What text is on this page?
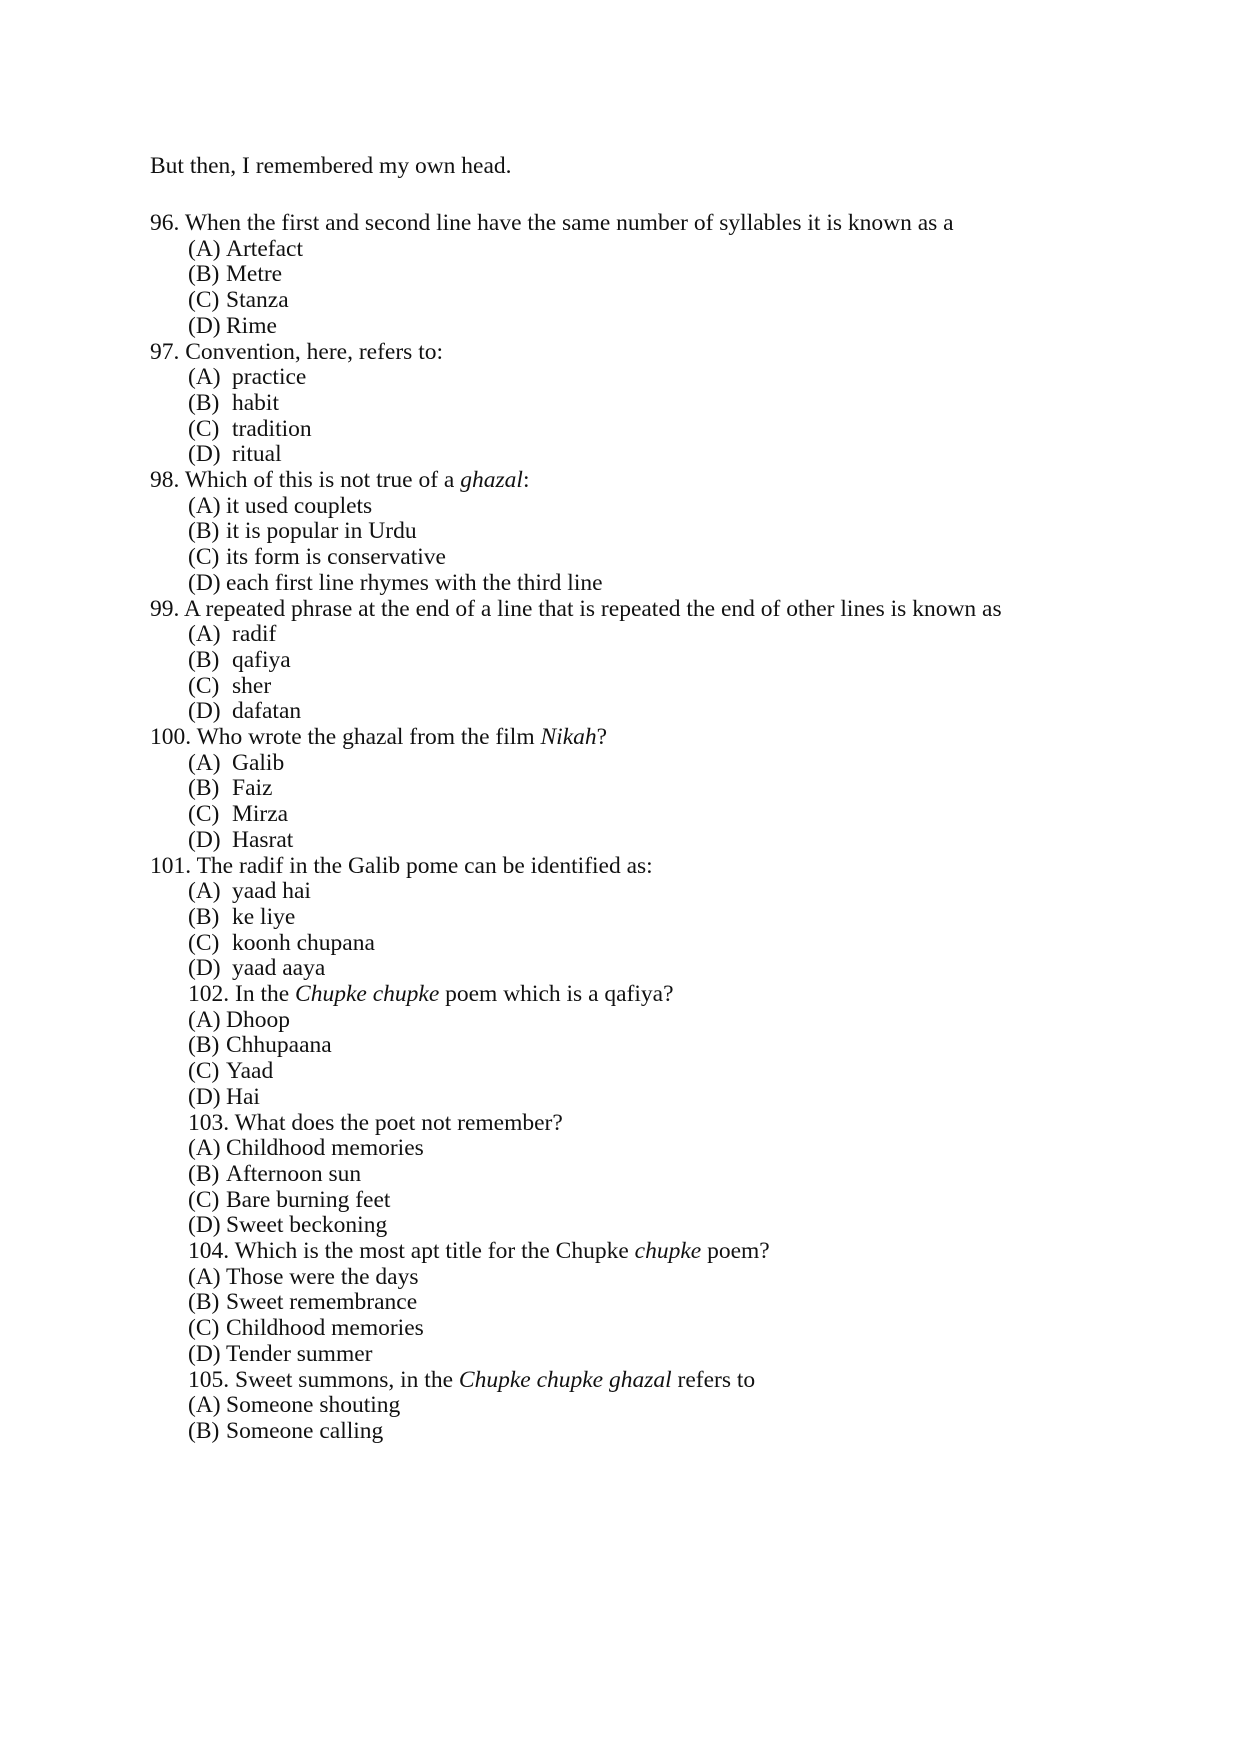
But then, I remembered my own head.
96. When the first and second line have the same number of syllables it is known as a
(A) Artefact
(B) Metre
(C) Stanza
(D) Rime
97. Convention, here, refers to:
(A) practice
(B) habit
(C) tradition
(D) ritual
98. Which of this is not true of a ghazal:
(A) it used couplets
(B) it is popular in Urdu
(C) its form is conservative
(D) each first line rhymes with the third line
99. A repeated phrase at the end of a line that is repeated the end of other lines is known as
(A) radif
(B) qafiya
(C) sher
(D) dafatan
100. Who wrote the ghazal from the film Nikah?
(A) Galib
(B) Faiz
(C) Mirza
(D) Hasrat
101. The radif in the Galib pome can be identified as:
(A) yaad hai
(B) ke liye
(C) koonh chupana
(D) yaad aaya
102. In the Chupke chupke poem which is a qafiya?
(A) Dhoop
(B) Chhupaana
(C) Yaad
(D) Hai
103. What does the poet not remember?
(A) Childhood memories
(B) Afternoon sun
(C) Bare burning feet
(D) Sweet beckoning
104. Which is the most apt title for the Chupke chupke poem?
(A) Those were the days
(B) Sweet remembrance
(C) Childhood memories
(D) Tender summer
105. Sweet summons, in the Chupke chupke ghazal refers to
(A) Someone shouting
(B) Someone calling
